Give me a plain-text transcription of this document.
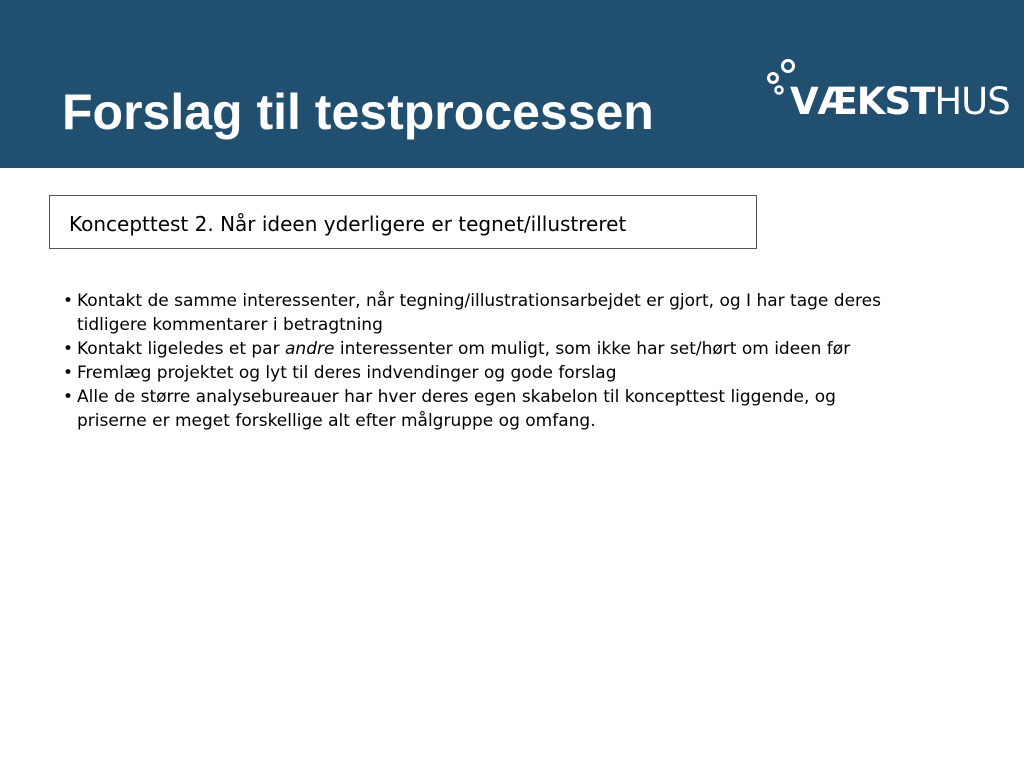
Forslag til testprocessen	VÆKSTHUS
Koncepttest 2. Når ideen yderligere er tegnet/illustreret
• Kontakt de samme interessenter, når tegning/illustrationsarbejdet er gjort, og I har tage deres tidligere kommentarer i betragtning
• Kontakt ligeledes et par andre interessenter om muligt, som ikke har set/hørt om ideen før
• Fremlæg projektet og lyt til deres indvendinger og gode forslag
• Alle de større analysebureauer har hver deres egen skabelon til koncepttest liggende, og priserne er meget forskellige alt efter målgruppe og omfang.
